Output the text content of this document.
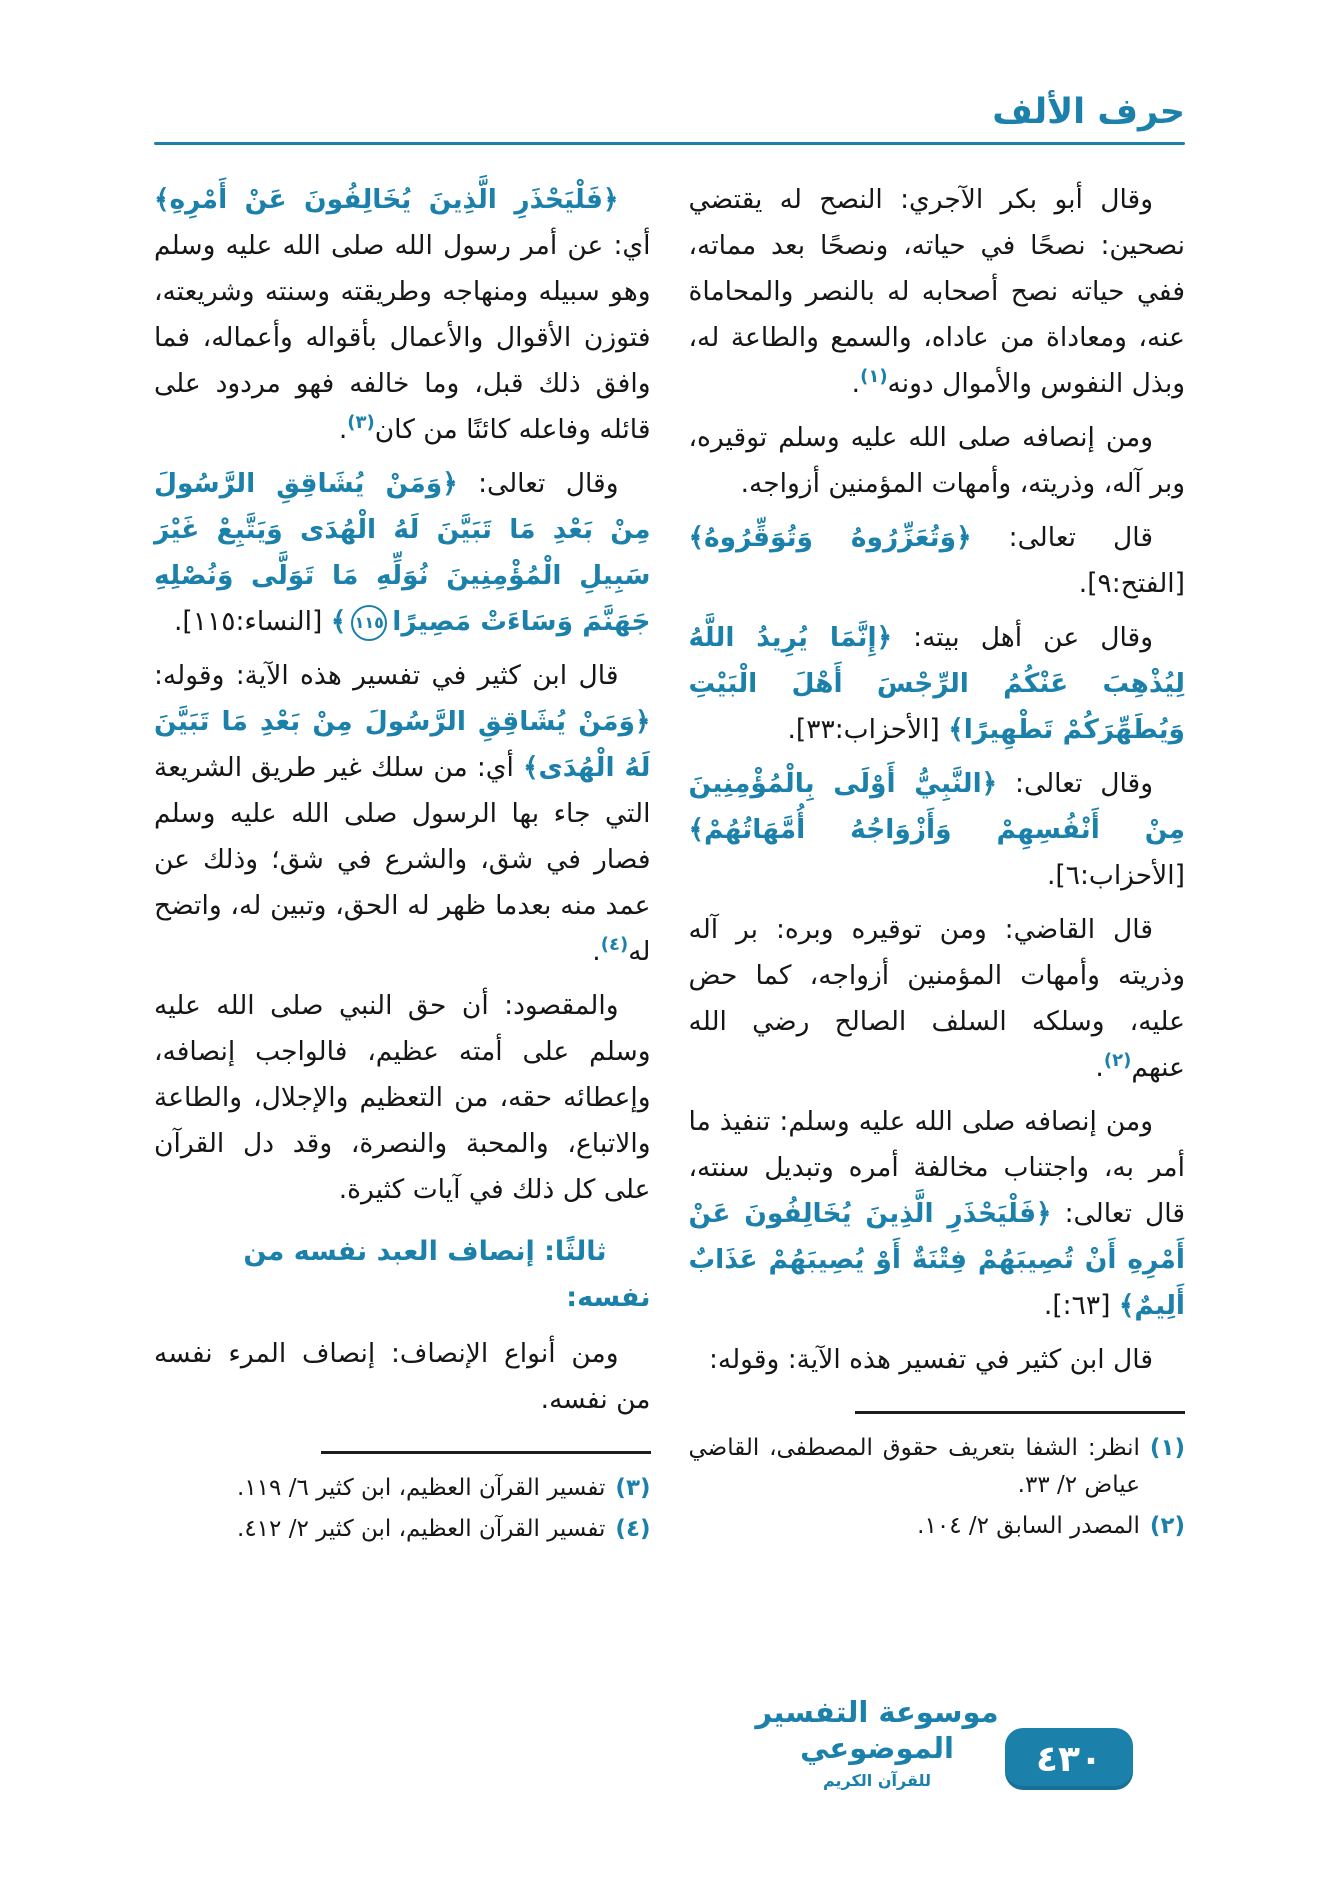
حرف الألف

وقال أبو بكر الآجري: النصح له يقتضي نصحين: نصحًا في حياته، ونصحًا بعد مماته، ففي حياته نصح أصحابه له بالنصر والمحاماة عنه، ومعاداة من عاداه، والسمع والطاعة له، وبذل النفوس والأموال دونه$^{(١)}$.

ومن إنصافه صلى الله عليه وسلم توقيره، وبر آله، وذريته، وأمهات المؤمنين أزواجه.

قال تعالى: ﴿وَتُعَزِّرُوهُ وَتُوَقِّرُوهُ﴾ [الفتح:٩].

وقال عن أهل بيته: ﴿إِنَّمَا يُرِيدُ اللَّهُ لِيُذْهِبَ عَنْكُمُ الرِّجْسَ أَهْلَ الْبَيْتِ وَيُطَهِّرَكُمْ تَطْهِيرًا﴾ [الأحزاب:٣٣].

وقال تعالى: ﴿النَّبِيُّ أَوْلَى بِالْمُؤْمِنِينَ مِنْ أَنْفُسِهِمْ وَأَزْوَاجُهُ أُمَّهَاتُهُمْ﴾ [الأحزاب:٦].

قال القاضي: ومن توقيره وبره: بر آله وذريته وأمهات المؤمنين أزواجه، كما حض عليه، وسلكه السلف الصالح رضي الله عنهم$^{(٢)}$.

ومن إنصافه صلى الله عليه وسلم: تنفيذ ما أمر به، واجتناب مخالفة أمره وتبديل سنته، قال تعالى: ﴿فَلْيَحْذَرِ الَّذِينَ يُخَالِفُونَ عَنْ أَمْرِهِ أَنْ تُصِيبَهُمْ فِتْنَةٌ أَوْ يُصِيبَهُمْ عَذَابٌ أَلِيمٌ﴾ [٦٣:].

قال ابن كثير في تفسير هذه الآية: وقوله:

(١)
انظر: الشفا بتعريف حقوق المصطفى، القاضي عياض ٢/ ٣٣.
(٢)
المصدر السابق ٢/ ١٠٤.

﴿فَلْيَحْذَرِ الَّذِينَ يُخَالِفُونَ عَنْ أَمْرِهِ﴾ أي: عن أمر رسول الله صلى الله عليه وسلم وهو سبيله ومنهاجه وطريقته وسنته وشريعته، فتوزن الأقوال والأعمال بأقواله وأعماله، فما وافق ذلك قبل، وما خالفه فهو مردود على قائله وفاعله كائنًا من كان$^{(٣)}$.

وقال تعالى: ﴿وَمَنْ يُشَاقِقِ الرَّسُولَ مِنْ بَعْدِ مَا تَبَيَّنَ لَهُ الْهُدَى وَيَتَّبِعْ غَيْرَ سَبِيلِ الْمُؤْمِنِينَ نُوَلِّهِ مَا تَوَلَّى وَنُصْلِهِ جَهَنَّمَ وَسَاءَتْ مَصِيرًا١١٥﴾ [النساء:١١٥].

قال ابن كثير في تفسير هذه الآية: وقوله: ﴿وَمَنْ يُشَاقِقِ الرَّسُولَ مِنْ بَعْدِ مَا تَبَيَّنَ لَهُ الْهُدَى﴾ أي: من سلك غير طريق الشريعة التي جاء بها الرسول صلى الله عليه وسلم فصار في شق، والشرع في شق؛ وذلك عن عمد منه بعدما ظهر له الحق، وتبين له، واتضح له$^{(٤)}$.

والمقصود: أن حق النبي صلى الله عليه وسلم على أمته عظيم، فالواجب إنصافه، وإعطائه حقه، من التعظيم والإجلال، والطاعة والاتباع، والمحبة والنصرة، وقد دل القرآن على كل ذلك في آيات كثيرة.

ثالثًا: إنصاف العبد نفسه من نفسه:

ومن أنواع الإنصاف: إنصاف المرء نفسه من نفسه.

(٣)
تفسير القرآن العظيم، ابن كثير ٦/ ١١٩.
(٤)
تفسير القرآن العظيم، ابن كثير ٢/ ٤١٢.
موسوعة التفسير الموضوعي
للقرآن الكريم
٤٣٠
